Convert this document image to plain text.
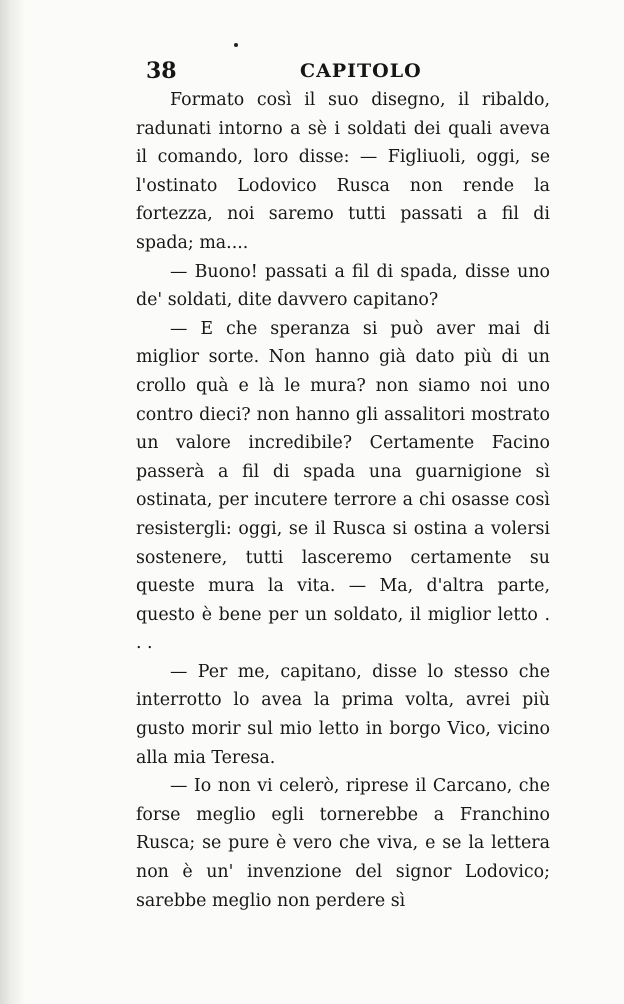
38	CAPITOLO

Formato così il suo disegno, il ribaldo, radunati intorno a sè i soldati dei quali aveva il comando, loro disse: — Figliuoli, oggi, se l'ostinato Lodovico Rusca non rende la fortezza, noi saremo tutti passati a fil di spada; ma....

— Buono! passati a fil di spada, disse uno de' soldati, dite davvero capitano?

— E che speranza si può aver mai di miglior sorte. Non hanno già dato più di un crollo quà e là le mura? non siamo noi uno contro dieci? non hanno gli assalitori mostrato un valore incredibile? Certamente Facino passerà a fil di spada una guarnigione sì ostinata, per incutere terrore a chi osasse così resistergli: oggi, se il Rusca si ostina a volersi sostenere, tutti lasceremo certamente su queste mura la vita. — Ma, d'altra parte, questo è bene per un soldato, il miglior letto . . .

— Per me, capitano, disse lo stesso che interrotto lo avea la prima volta, avrei più gusto morir sul mio letto in borgo Vico, vicino alla mia Teresa.

— Io non vi celerò, riprese il Carcano, che forse meglio egli tornerebbe a Franchino Rusca; se pure è vero che viva, e se la lettera non è un' invenzione del signor Lodovico; sarebbe meglio non perdere sì
